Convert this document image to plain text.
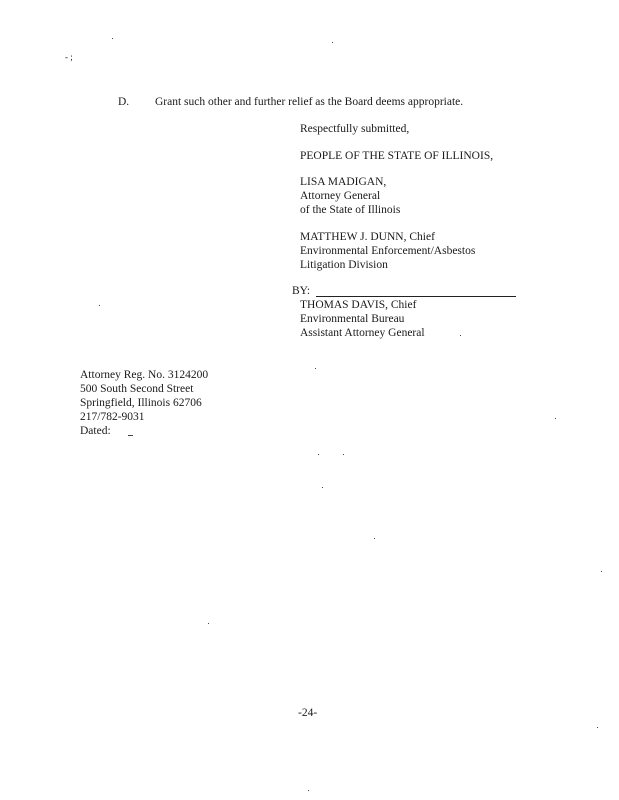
- ;
D. Grant such other and further relief as the Board deems appropriate.
Respectfully submitted,
PEOPLE OF THE STATE OF ILLINOIS,
LISA MADIGAN,
Attorney General
of the State of Illinois
MATTHEW J. DUNN, Chief
Environmental Enforcement/Asbestos
Litigation Division
BY:
THOMAS DAVIS, Chief
Environmental Bureau
Assistant Attorney General
Attorney Reg. No. 3124200
500 South Second Street
Springfield, Illinois 62706
217/782-9031
Dated:
-24-
